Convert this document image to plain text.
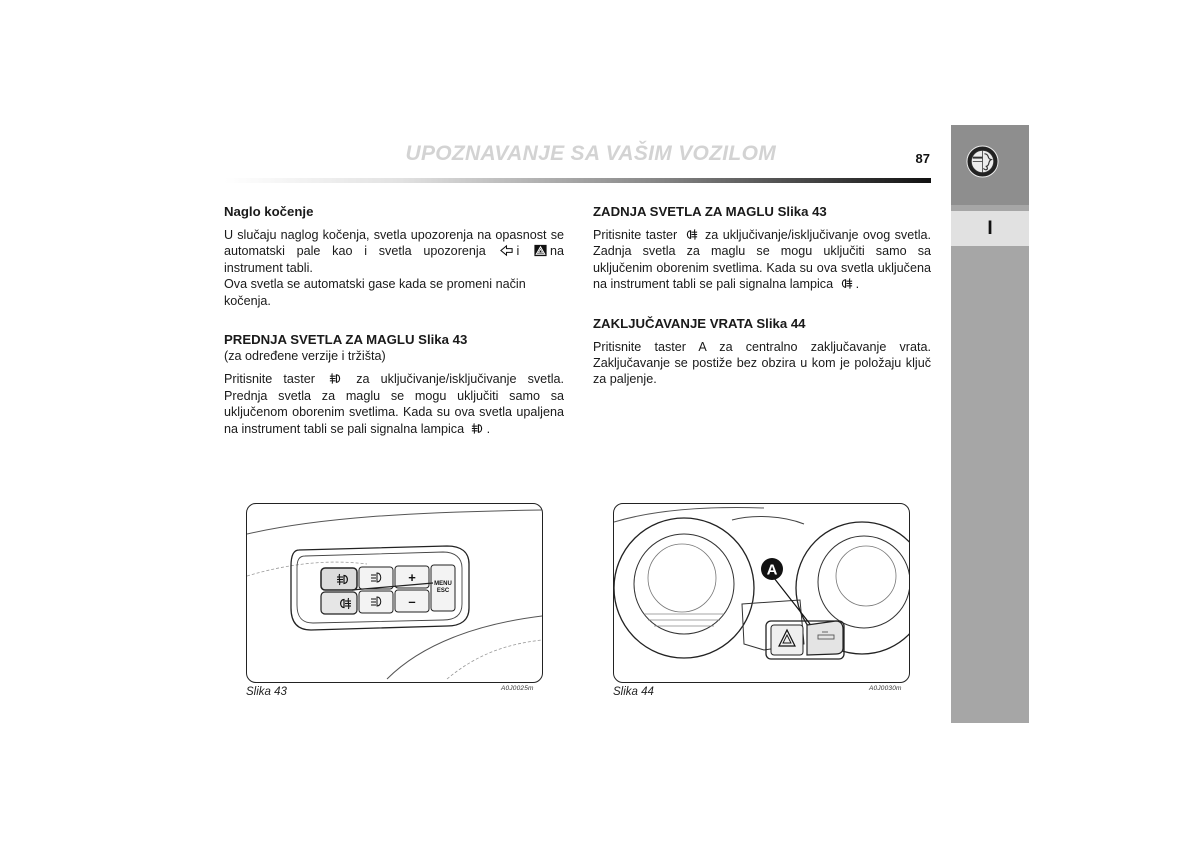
UPOZNAVANJE SA VAŠIM VOZILOM	87
I
Naglo kočenje

U slučaju naglog kočenja, svetla upozorenja na opasnost se automatski pale kao i svetla upozorenja i na instrument tabli.

Ova svetla se automatski gase kada se promeni način kočenja.

PREDNJA SVETLA ZA MAGLU Slika 43

(za određene verzije i tržišta)

Pritisnite taster	za uključivanje/isključivanje svetla. Prednja svetla za maglu se mogu uključiti samo sa uključenom oborenim svetlima. Kada su ova svetla upaljena na instrument tabli se pali signalna lampica .

ZADNJA SVETLA ZA MAGLU Slika 43

Pritisnite taster za uključivanje/isključivanje ovog svetla. Zadnja svetla za maglu se mogu uključiti samo sa uključenim oborenim svetlima. Kada su ova svetla uključena na instrument tabli se pali signalna lampica .

ZAKLJUČAVANJE VRATA Slika 44

Pritisnite taster A za centralno zaključavanje vrata. Zaključavanje se postiže bez obzira u kom je položaju ključ za paljenje.

+
–
MENU
ESC
Slika 43	A0J0025m
A
Slika 44	A0J0030m
